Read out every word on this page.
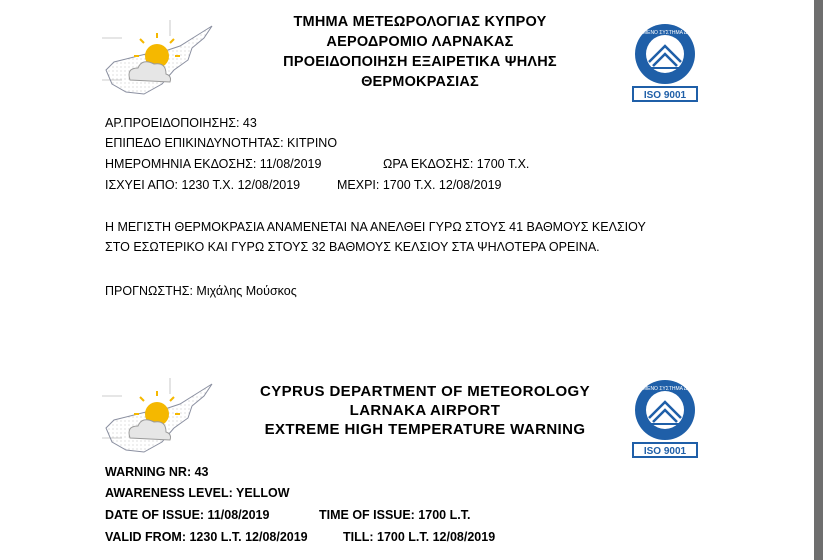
ΤΜΗΜΑ ΜΕΤΕΩΡΟΛΟΓΙΑΣ ΚΥΠΡΟΥ
ΑΕΡΟΔΡΟΜΙΟ ΛΑΡΝΑΚΑΣ
ΠΡΟΕΙΔΟΠΟΙΗΣΗ ΕΞΑΙΡΕΤΙΚΑ ΨΗΛΗΣ
ΘΕΡΜΟΚΡΑΣΙΑΣ
ΠΙΣΤΟΠΟΙΗΜΕΝΟ ΣΥΣΤΗΜΑ ΔΙΑΧΕΙΡΙΣΗΣ
ISO 9001
ΑΡ.ΠΡΟΕΙΔΟΠΟΙΗΣΗΣ: 43
ΕΠΙΠΕΔΟ ΕΠΙΚΙΝΔΥΝΟΤΗΤΑΣ: ΚΙΤΡΙΝΟ
ΗΜΕΡΟΜΗΝΙΑ ΕΚΔΟΣΗΣ: 11/08/2019	ΩΡΑ ΕΚΔΟΣΗΣ: 1700 Τ.Χ.
ΙΣΧΥΕΙ ΑΠΟ: 1230 Τ.Χ. 12/08/2019	ΜΕΧΡΙ: 1700 Τ.Χ. 12/08/2019
Η ΜΕΓΙΣΤΗ ΘΕΡΜΟΚΡΑΣΙΑ ΑΝΑΜΕΝΕΤΑΙ ΝΑ ΑΝΕΛΘΕΙ ΓΥΡΩ ΣΤΟΥΣ 41 ΒΑΘΜΟΥΣ ΚΕΛΣΙΟΥ
ΣΤΟ ΕΣΩΤΕΡΙΚΟ ΚΑΙ ΓΥΡΩ ΣΤΟΥΣ 32 ΒΑΘΜΟΥΣ ΚΕΛΣΙΟΥ ΣΤΑ ΨΗΛΟΤΕΡΑ ΟΡΕΙΝΑ.
ΠΡΟΓΝΩΣΤΗΣ: Μιχάλης Μούσκος
CYPRUS DEPARTMENT OF METEOROLOGY
LARNAKA AIRPORT
EXTREME HIGH TEMPERATURE WARNING
ΠΙΣΤΟΠΟΙΗΜΕΝΟ ΣΥΣΤΗΜΑ ΔΙΑΧΕΙΡΙΣΗΣ
ISO 9001
WARNING NR: 43
AWARENESS LEVEL: YELLOW
DATE OF ISSUE: 11/08/2019	TIME OF ISSUE: 1700 L.T.
VALID FROM: 1230 L.T. 12/08/2019	TILL: 1700 L.T. 12/08/2019
